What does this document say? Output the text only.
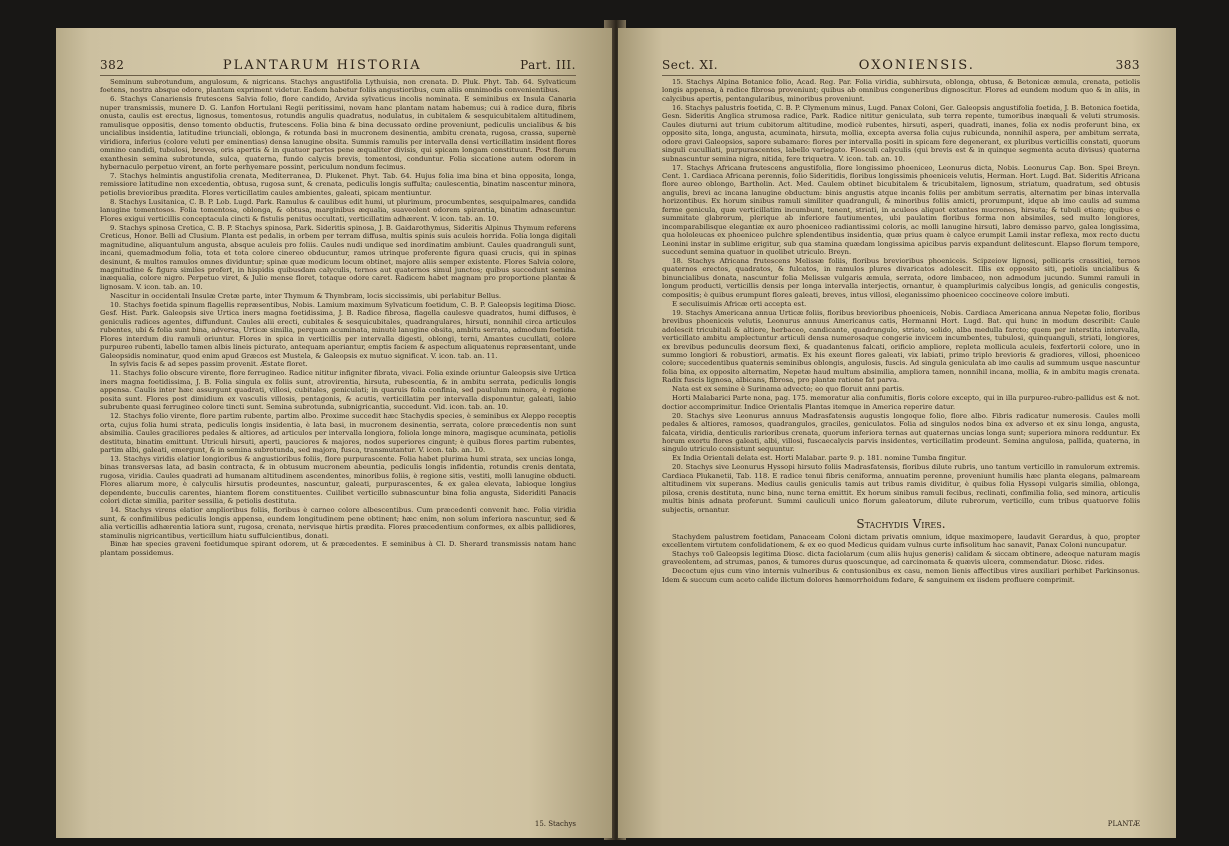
382	PLANTARUM HISTORIA	Part. III.

Seminum subrotundum, angulosum, & nigricans. Stachys angustifolia Lythuisia, non crenata. D. Pluk. Phyt. Tab. 64. Sylvaticum foetens, nostra absque odore, plantam expriment videtur. Eadem habetur foliis angustioribus, cum aliis omnimodis convenientibus.

6. Stachys Canariensis frutescens Salvia folio, flore candido, Arvida sylvaticus incolis nominata. E seminibus ex Insula Canaria nuper transmissis, munere D. G. Lanfon Hortulani Regii peritissimi, novam hanc plantam natam habemus; cui à radice dura, fibris onusta, caulis est erectus, lignosus, tomentosus, rotundis angulis quadratus, nodulatus, in cubitalem & sesquicubitalem altitudinem, ramulisque oppositis, denso tomento obductis, frutescens. Folia bina & bina decussato ordine proveniunt, pediculis uncialibus & bis uncialibus insidentia, latitudine triunciali, oblonga, & rotunda basi in mucronem desinentia, ambitu crenata, rugosa, crassa, supernè viridiora, inferius (colore veluti per eminentias) densa lanugine obsita. Summis ramulis per intervalla densi verticillatim insident flores omnino candidi, tubulosi, breves, oris apertis & in quatuor partes pene æqualiter divisis, qui spicam longam constituunt. Post florum exanthesin semina subrotunda, sulca, quaterna, fundo calycis brevis, tomentosi, conduntur. Folia siccatione autem odorem in hybernaculo perpetuo virent, an forte perhyemare possint, periculum nondum fecimus.

7. Stachys helmintis angustifolia crenata, Mediterranea, D. Plukenet. Phyt. Tab. 64. Hujus folia ima bina et bina opposita, longa, remissiore latitudine non excedentia, obtusa, rugosa sunt, & crenata, pediculis longis suffulta; caulescentia, binatim nascentur minora, petiolis brevioribus prædita. Flores verticillatim caules ambientes, galeati, spicam mentiuntur.

8. Stachys Lusitanica, C. B. P. Lob. Lugd. Park. Ramulus & caulibus edit humi, ut plurimum, procumbentes, sesquipalmares, candida lanugine tomentosos. Folia tomentosa, oblonga, & obtusa, marginibus æqualia, suaveolent odorem spirantia, binatim adnascuntur. Flores exigui verticillis conceptacula cincti & fistulis penitus occultati, verticillatim adhærent. V. icon. tab. an. 10.

9. Stachys spinosa Cretica, C. B. P. Stachys spinosa, Park. Sideritis spinosa, J. B. Gaidarothymus, Sideritis Alpinus Thymum referens Creticus, Honor. Belli ad Clusium. Planta est pedalis, in orbem per terram diffusa, multis spinis suis aculeis horrida. Folia longa digitali magnitudine, aliquantulum angusta, absque aculeis pro foliis. Caules nudi undique sed inordinatim ambiunt. Caules quadranguli sunt, incani, quemadmodum folia, tota et tota colore cinereo obducuntur, ramos utrinque proferente figura quasi crucis, qui in spinas desinunt, & multos ramulos omnes dividuntur; spinæ quæ modicum locum obtinet, majore aliis semper existente. Flores Salvia colore, magnitudine & figura similes profert, in hispidis quibusdam calyculis, ternos aut quaternos simul junctos; quibus succedunt semina inæqualia, colore nigro. Perpetuo viret, & Julio mense floret, totaque odore caret. Radicem habet magnam pro proportione plantæ & lignosam. V. icon. tab. an. 10.

Nascitur in occidentali Insulæ Cretæ parte, inter Thymum & Thymbram, locis siccissimis, ubi perlabitur Bellus.

10. Stachys foetida spinum flagellis repræsentibus, Nobis. Lamium maximum Sylvaticum foetidum, C. B. P. Galeopsis legitima Diosc. Gesf. Hist. Park. Galeopsis sive Urtica iners magna foetidissima, J. B. Radice fibrosa, flagella caulesve quadratos, humi diffusos, è geniculis radices agentes, diffundunt. Caules alii erecti, cubitales & sesquicubitales, quadrangulares, hirsuti, nonnihil circa articulos rubentes, ubi & folia sunt bina, adversa, Urticæ similia, perquam acuminata, minutè lanugine obsita, ambitu serrata, admodum foetida. Flores interdum diu ramuli oriuntur. Flores in spica in verticillis per intervalla digesti, oblongi, terni, Amantes cucullati, colore purpureo rubenti, labello tamen albis lineis picturato, antequam aperiantur, emptis faciem & aspectum aliquatenus repræsentant, unde Galeopsidis nominatur, quod enim apud Græcos est Mustela, & Galeopsis ex mutuo significat. V. icon. tab. an. 11.

In sylvis facis & ad sepes passim provenit. Æstate floret.

11. Stachys folio obscure virente, flore ferrugineo. Radice nititur infigniter fibrata, vivaci. Folia exinde oriuntur Galeopsis sive Urtica iners magna foetidissima, J. B. Folia singula ex foliis sunt, atrovirentia, hirsuta, rubescentia, & in ambitu serrata, pediculis longis appensa. Caulis inter hæc assurgunt quadrati, villosi, cubitales, geniculati; in quaruis folia confinia, sed paululum minora, è regione posita sunt. Flores post dimidium ex vasculis villosis, pentagonis, & acutis, verticillatim per intervalla disponuntur, galeati, labio subrubente quasi ferrugineo colore tincti sunt. Semina subrotunda, subnigricantia, succedunt. Vid. icon. tab. an. 10.

12. Stachys folio virente, flore partim rubente, partim albo. Proxime succedit hæc Stachydis species, è seminibus ex Aleppo receptis orta, cujus folia humi strata, pediculis longis insidentia, è lata basi, in mucronem desinentia, serrata, colore præcedentis non sunt absimilia. Caules graciliores pedales & altiores, ad articulos per intervalla longiora, foliola longe minora, magisque acuminata, petiolis destituta, binatim emittunt. Utriculi hirsuti, aperti, pauciores & majores, nodos superiores cingunt; è quibus flores partim rubentes, partim albi, galeati, emergunt, & in semina subrotunda, sed majora, fusca, transmutantur. V. icon. tab. an. 10.

13. Stachys viridis elatior longioribus & angustioribus foliis, flore purpurascente. Folia habet plurima humi strata, sex uncias longa, binas transversas lata, ad basin contracta, & in obtusum mucronem abeuntia, pediculis longis infidentia, rotundis crenis dentata, rugosa, viridia. Caules quadrati ad humanam altitudinem ascendentes, minoribus foliis, è regione sitis, vestiti, molli lanugine obducti. Flores aliarum more, è calyculis hirsutis prodeuntes, nascuntur, galeati, purpurascentes, & ex galea elevata, labioque longius dependente, bucculis carentes, hiantem florem constituentes. Cuilibet verticillo subnascuntur bina folia angusta, Sideriditi Panacis colori dictæ similia, pariter sessilia, & petiolis destituta.

14. Stachys virens elatior amplioribus foliis, floribus è carneo colore albescentibus. Cum præcedenti convenit hæc. Folia viridia sunt, & confimilibus pediculis longis appensa, eundem longitudinem pene obtinent; hæc enim, non solum inferiora nascuntur, sed & alia verticillis adhærentia latiora sunt, rugosa, crenata, nervisque hirtis prædita. Flores præcedentium conformes, ex albis pallidiores, staminulis nigricantibus, verticillum hiatu suffulcientibus, donati.

Binæ hæ species graveni foetidumque spirant odorem, ut & præcedentes. E seminibus à Cl. D. Sherard transmissis natam hanc plantam possidemus.

15. Stachys
Sect. XI.	OXONIENSIS.	383

15. Stachys Alpina Botanice folio, Acad. Reg. Par. Folia viridia, subhirsuta, oblonga, obtusa, & Betonicæ æmula, crenata, petiolis longis appensa, à radice fibrosa proveniunt; quibus ab omnibus congeneribus dignoscitur. Flores ad eundem modum quo & in aliis, in calycibus apertis, pentangularibus, minoribus proveniunt.

16. Stachys palustris foetida, C. B. P. Clymenum minus, Lugd. Panax Coloni, Ger. Galeopsis angustifolia foetida, J. B. Betonica foetida, Gesn. Sideritis Anglica strumosa radice, Park. Radice nititur geniculata, sub terra repente, tumoribus inæquali & veluti strumosis. Caules diuturni aut trium cubitorum altitudine, modicè rubentes, hirsuti, asperi, quadrati, inanes, folia ex nodis proferunt bina, ex opposito sita, longa, angusta, acuminata, hirsuta, mollia, excepta aversa folia cujus rubicunda, nonnihil aspera, per ambitum serrata, odore gravi Galeopsios, sapore subamaro: flores per intervalla positi in spicam fere degenerant, ex pluribus verticillis constati, quorum singuli cuculliati, purpurascentes, labello variegato. Flosculi calyculis (qui brevis est & in quinque segmenta acuta divisus) quaterna subnascuntur semina nigra, nitida, fere triquetra. V. icon. tab. an. 10.

17. Stachys Africana frutescens angustifolia, flore longissimo phoeniceo, Leonurus dicta, Nobis. Leonurus Cap. Bon. Spei Breyn. Cent. 1. Cardiaca Africana perennis, folio Sideritidis, floribus longissimis phoeniceis velutis, Herman. Hort. Lugd. Bat. Sideritis Africana flore aureo oblongo, Bartholin. Act. Med. Caulem obtinet bicubitalem & tricubitalem, lignosum, striatum, quadratum, sed obtusis angulis, brevi ac incana lanugine obductum: binis angustis atque incanis foliis per ambitum serratis, alternatim per binas intervalla horizontibus. Ex horum sinibus ramuli similiter quadranguli, & minoribus foliis amicti, prorumpunt, idque ab imo caulis ad summa ferme genicula, quæ verticillatim incumbunt, tenent, striati, in aculeos aliquot extantes mucrones, hirsuta; & tubuli etiam; quibus e summitate glabrorum, plerique ab inferiore fautiumentes, ubi paulatim floribus forma non absimiles, sed multo longiores, incomparabilisque elegantiæ ex auro phoeniceo radiantissimi coloris, ac molli lanugine hirsuti, labro demisso parvo, galea longissima, qua hololeucas ex phoeniceo pulchre splendentibus insidentia, quæ prius quam è calyce erumpit Lamii instar reflexa, mox recto ductu Leonini instar in sublime erigitur, sub qua stamina quædam longissima apicibus parvis expandunt delitescunt. Elapso florum tempore, succedunt semina quatuor in quolibet utriculo. Breyn.

18. Stachys Africana frutescens Melissæ foliis, floribus brevioribus phoeniceis. Scipzeiow lignosi, pollicaris crassitiei, ternos quaternos erectos, quadratos, & fulcatos, in ramulos plures divaricatos adolescit. Illis ex opposito siti, petiolis uncialibus & binuncialibus donata, nascuntur folia Melissæ vulgaris æmula, serrata, odore limbaceo, non admodum jucundo. Summi ramuli in longum producti, verticillis densis per longa intervalla interjectis, ornantur, è quamplurimis calycibus longis, ad geniculis congestis, compositis; è quibus erumpunt flores galeati, breves, intus villosi, eleganissimo phoeniceo coccineove colore imbuti.

E seculisuimis Africæ orti accepta est.

19. Stachys Americana annua Urticæ foliis, floribus brevioribus phoeniceis, Nobis. Cardiaca Americana annua Nepetæ folio, floribus brevibus phoeniceis velutis, Leonurus annuus Americanus catis, Hermanni Hort. Lugd. Bat. qui hunc in modum describit: Caule adolescit tricubitali & altiore, herbaceo, candicante, quadrangulo, striato, solido, alba medulla farcto; quem per interstita intervalla, verticillato ambitu amplectuntur articuli densa numerosaque congerie invicem incumbentes, tubulosi, quinquanguli, striati, longiores, ex brevibus pedunculis deorsum flexi, & quadantenus falcati, orificio ampliore, repleta mollicula aculeis, fexfertorii colore, uno in summo longiori & robustiori, armatis. Ex his exeunt flores galeati, vix labiati, primo triplo brevioris & gradiores, villosi, phoeniceo colore; succedentibus quaternis seminibus oblongis, angulosis, fuscis. Ad singula geniculata ab imo caulis ad summum usque nascuntur folia bina, ex opposito alternatim, Nepetæ haud multum absimilia, ampliora tamen, nonnihil incana, mollia, & in ambitu magis crenata. Radix fuscis lignosa, albicans, fibrosa, pro plantæ ratione fat parva.

Nata est ex semine è Surinama advecto; eo quo floruit anni partis.

Horti Malabarici Parte nona, pag. 175. memoratur alia confumitis, floris colore excepto, qui in illa purpureo-rubro-pallidus est & not. doctior accomprimitur. Indice Orientalis Plantas itemque in America reperire datur.

20. Stachys sive Leonurus annuus Madrasfatensis augustis longoque folio, flore albo. Fibris radicatur numerosis. Caules molli pedales & altiores, ramosos, quadrangulos, graciles, geniculatos. Folia ad singulos nodos bina ex adverso et ex sinu longa, angusta, falcata, viridia, denticulis rarioribus crenata, quorum inferiora ternas aut quaternas uncias longa sunt; superiora minora redduntur. Ex horum exortu flores galeati, albi, villosi, fuscaecalycis parvis insidentes, verticillatim prodeunt. Semina angulosa, pallida, quaterna, in singulo utriculo consistunt sequuntur.

Ex India Orientali delata est. Horti Malabar. parte 9. p. 181. nomine Tumba fingitur.

20. Stachys sive Leonurus Hyssopi hirsuto foliis Madrasfatensis, floribus dilute rubris, uno tantum verticillo in ramulorum extremis. Cardiaca Plukanetii, Tab. 118. E radice tenui fibris ceniforma, annuatim perenne, proveniunt humilis hæc planta elegans, palmaream altitudinem vix superans. Medius caulis geniculis tamis aut tribus ramis dividitur, è quibus folia Hyssopi vulgaris similia, oblonga, pilosa, crenis destituta, nunc bina, nunc terna emittit. Ex horum sinibus ramuli fecibus, reclinati, confimilia folia, sed minora, articulis multis binis adnata proferunt. Summi cauliculi unico florum galeatorum, dilute rubrorum, verticillo, cum tribus quatuorve foliis subjectis, ornantur.

Stachydis Vires.

Stachydem palustrem foetidam, Panaceam Coloni dictam privatis omnium, idque maximopere, laudavit Gerardus, à quo, propter excellentem virtutem confolidationem, & ex eo quod Medicus quidam vulnus curte infisolitum hac sanavit, Panax Coloni nuncupatur.

Stachys τοῦ Galeopsis legitima Diosc. dicta faciolarum (cum aliis hujus generis) calidam & siccam obtinere, adeoque naturam magis graveolentem, ad strumas, panos, & tumores durus quoscunque, ad carcinomata & quævis ulcera, commendatur. Diosc. rides.

Decoctum ejus cum vino internis vulneribus & contusionibus ex casu, nemon lienis affectibus vires auxiliari perhibet Parkinsonus. Idem & succum cum aceto calide ilictum dolores hæmorrhoidum fedare, & sanguinem ex iisdem profluere comprimit.

PLANTÆ
